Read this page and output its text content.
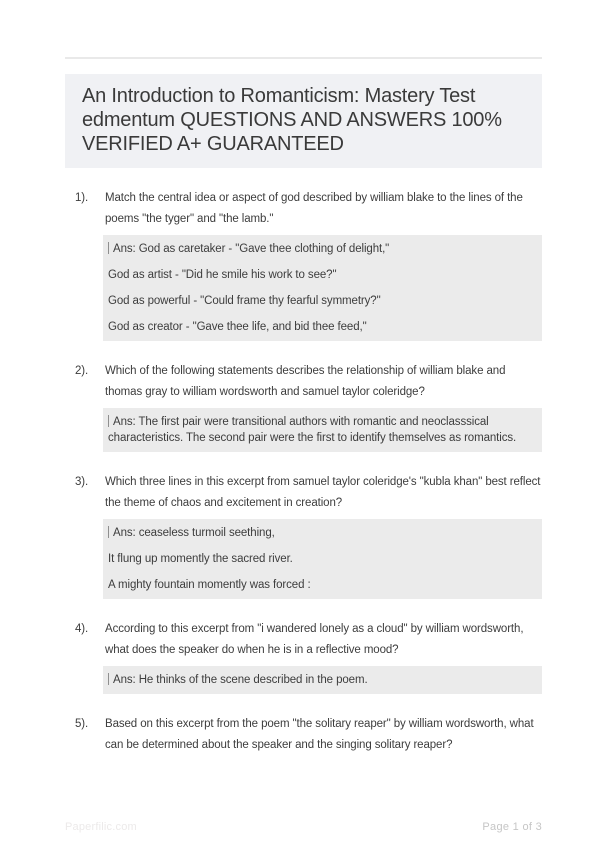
An Introduction to Romanticism: Mastery Test edmentum QUESTIONS AND ANSWERS 100% VERIFIED A+ GUARANTEED
1).	Match the central idea or aspect of god described by william blake to the lines of the poems "the tyger" and "the lamb."

Ans: God as caretaker - "Gave thee clothing of delight,"

God as artist - "Did he smile his work to see?"

God as powerful - "Could frame thy fearful symmetry?"

God as creator - "Gave thee life, and bid thee feed,"

2).	Which of the following statements describes the relationship of william blake and thomas gray to william wordsworth and samuel taylor coleridge?

Ans: The first pair were transitional authors with romantic and neoclasssical characteristics. The second pair were the first to identify themselves as romantics.

3).	Which three lines in this excerpt from samuel taylor coleridge's "kubla khan" best reflect the theme of chaos and excitement in creation?

Ans: ceaseless turmoil seething,

It flung up momently the sacred river.

A mighty fountain momently was forced :

4).	According to this excerpt from "i wandered lonely as a cloud" by william wordsworth, what does the speaker do when he is in a reflective mood?

Ans: He thinks of the scene described in the poem.

5).	Based on this excerpt from the poem "the solitary reaper" by william wordsworth, what can be determined about the speaker and the singing solitary reaper?

Paperfilic.com	Page 1 of 3
